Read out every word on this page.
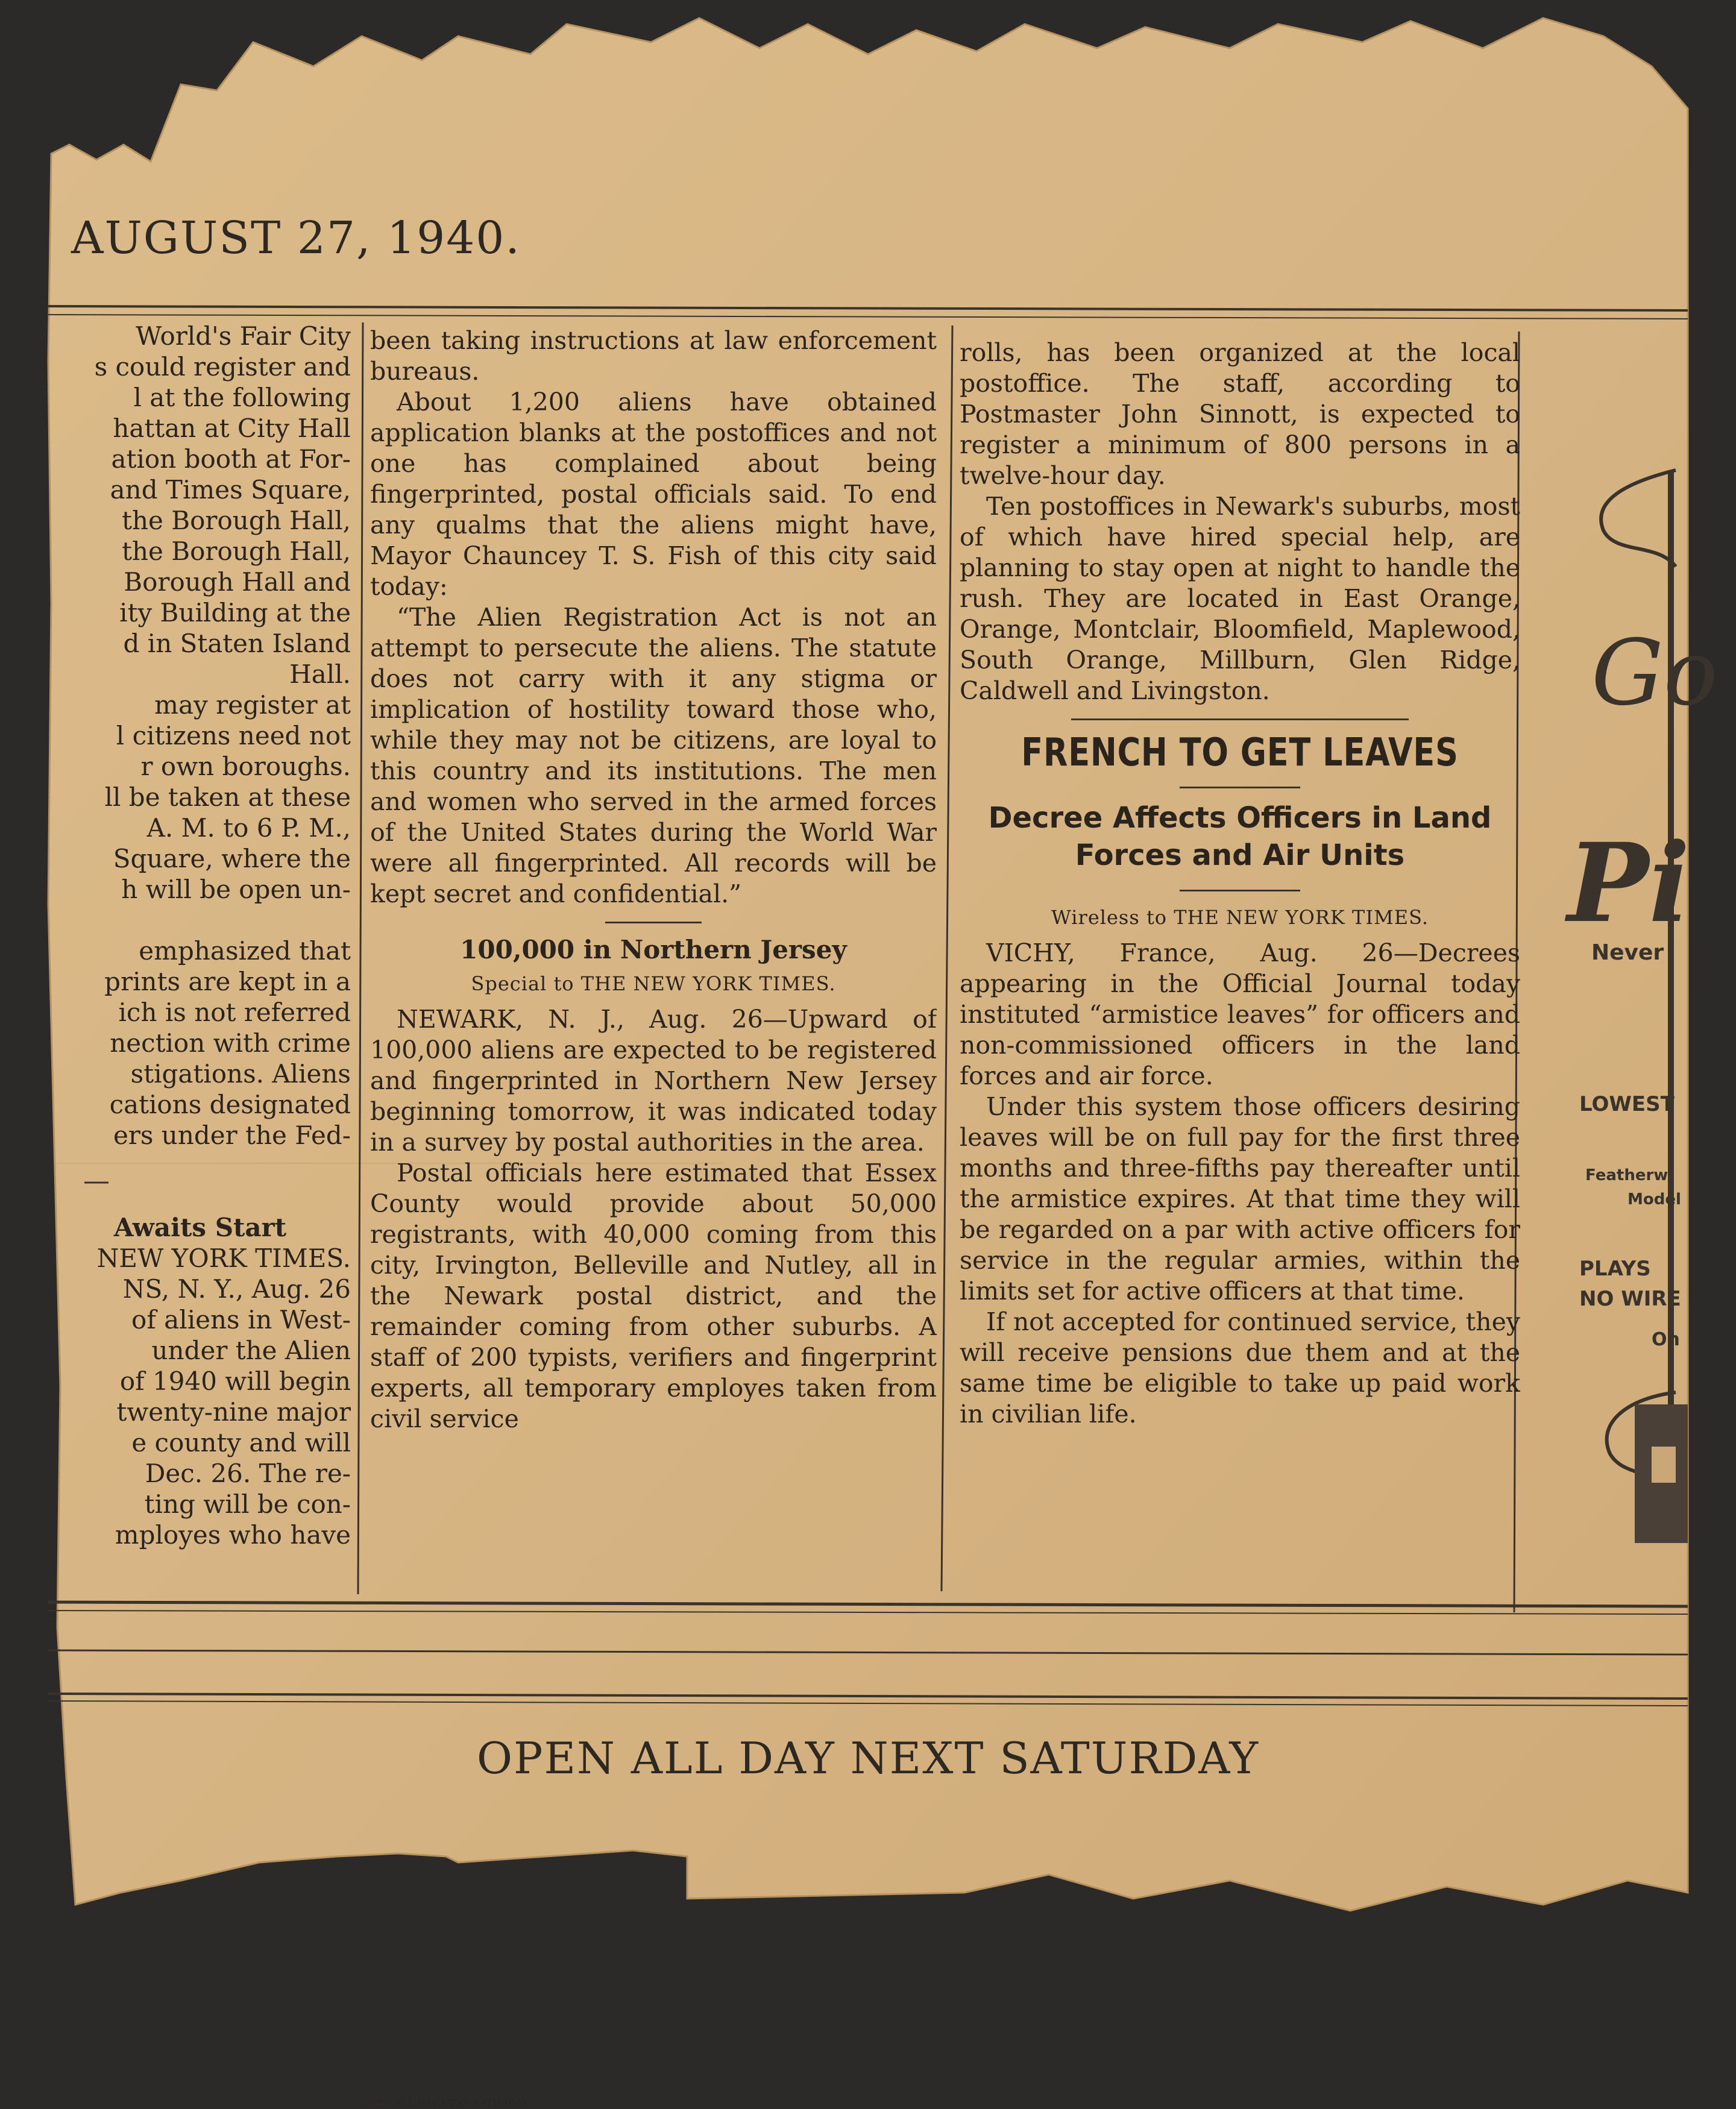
AUGUST 27, 1940.
World's Fair City
s could register and
l at the following
hattan at City Hall
ation booth at For-
and Times Square,
the Borough Hall,
the Borough Hall,
Borough Hall and
ity Building at the
d in Staten Island
Hall.
may register at
l citizens need not
r own boroughs.
ll be taken at these
A. M. to 6 P. M.,
Square, where the
h will be open un-
emphasized that
prints are kept in a
ich is not referred
nection with crime
stigations. Aliens
cations designated
ers under the Fed-
Awaits Start
NEW YORK TIMES.
NS, N. Y., Aug. 26
of aliens in West-
under the Alien
of 1940 will begin
twenty-nine major
e county and will
Dec. 26. The re-
ting will be con-
mployes who have

been taking instructions at law enforcement bureaus.

About 1,200 aliens have obtained application blanks at the postoffices and not one has complained about being fingerprinted, postal officials said. To end any qualms that the aliens might have, Mayor Chauncey T. S. Fish of this city said today:

“The Alien Registration Act is not an attempt to persecute the aliens. The statute does not carry with it any stigma or implication of hostility toward those who, while they may not be citizens, are loyal to this country and its institutions. The men and women who served in the armed forces of the United States during the World War were all fingerprinted. All records will be kept secret and confidential.”

100,000 in Northern Jersey
Special to THE NEW YORK TIMES.

NEWARK, N. J., Aug. 26—Upward of 100,000 aliens are expected to be registered and fingerprinted in Northern New Jersey beginning tomorrow, it was indicated today in a survey by postal authorities in the area.

Postal officials here estimated that Essex County would provide about 50,000 registrants, with 40,000 coming from this city, Irvington, Belleville and Nutley, all in the Newark postal district, and the remainder coming from other suburbs. A staff of 200 typists, verifiers and fingerprint experts, all temporary employes taken from civil service

rolls, has been organized at the local postoffice. The staff, according to Postmaster John Sinnott, is expected to register a minimum of 800 persons in a twelve-hour day.

Ten postoffices in Newark's suburbs, most of which have hired special help, are planning to stay open at night to handle the rush. They are located in East Orange, Orange, Montclair, Bloomfield, Maplewood, South Orange, Millburn, Glen Ridge, Caldwell and Livingston.

FRENCH TO GET LEAVES
Decree Affects Officers in Land Forces and Air Units
Wireless to THE NEW YORK TIMES.

VICHY, France, Aug. 26—Decrees appearing in the Official Journal today instituted “armistice leaves” for officers and non-commissioned officers in the land forces and air force.

Under this system those officers desiring leaves will be on full pay for the first three months and three-fifths pay thereafter until the armistice expires. At that time they will be regarded on a par with active officers for service in the regular armies, within the limits set for active officers at that time.

If not accepted for continued service, they will receive pensions due them and at the same time be eligible to take up paid work in civilian life.

Go
Pi
Never
LOWEST
Featherw
Model
PLAYS
NO WIRE
On
OPEN ALL DAY NEXT SATURDAY
OPEN ALL DAY NEXT SATURDAY
